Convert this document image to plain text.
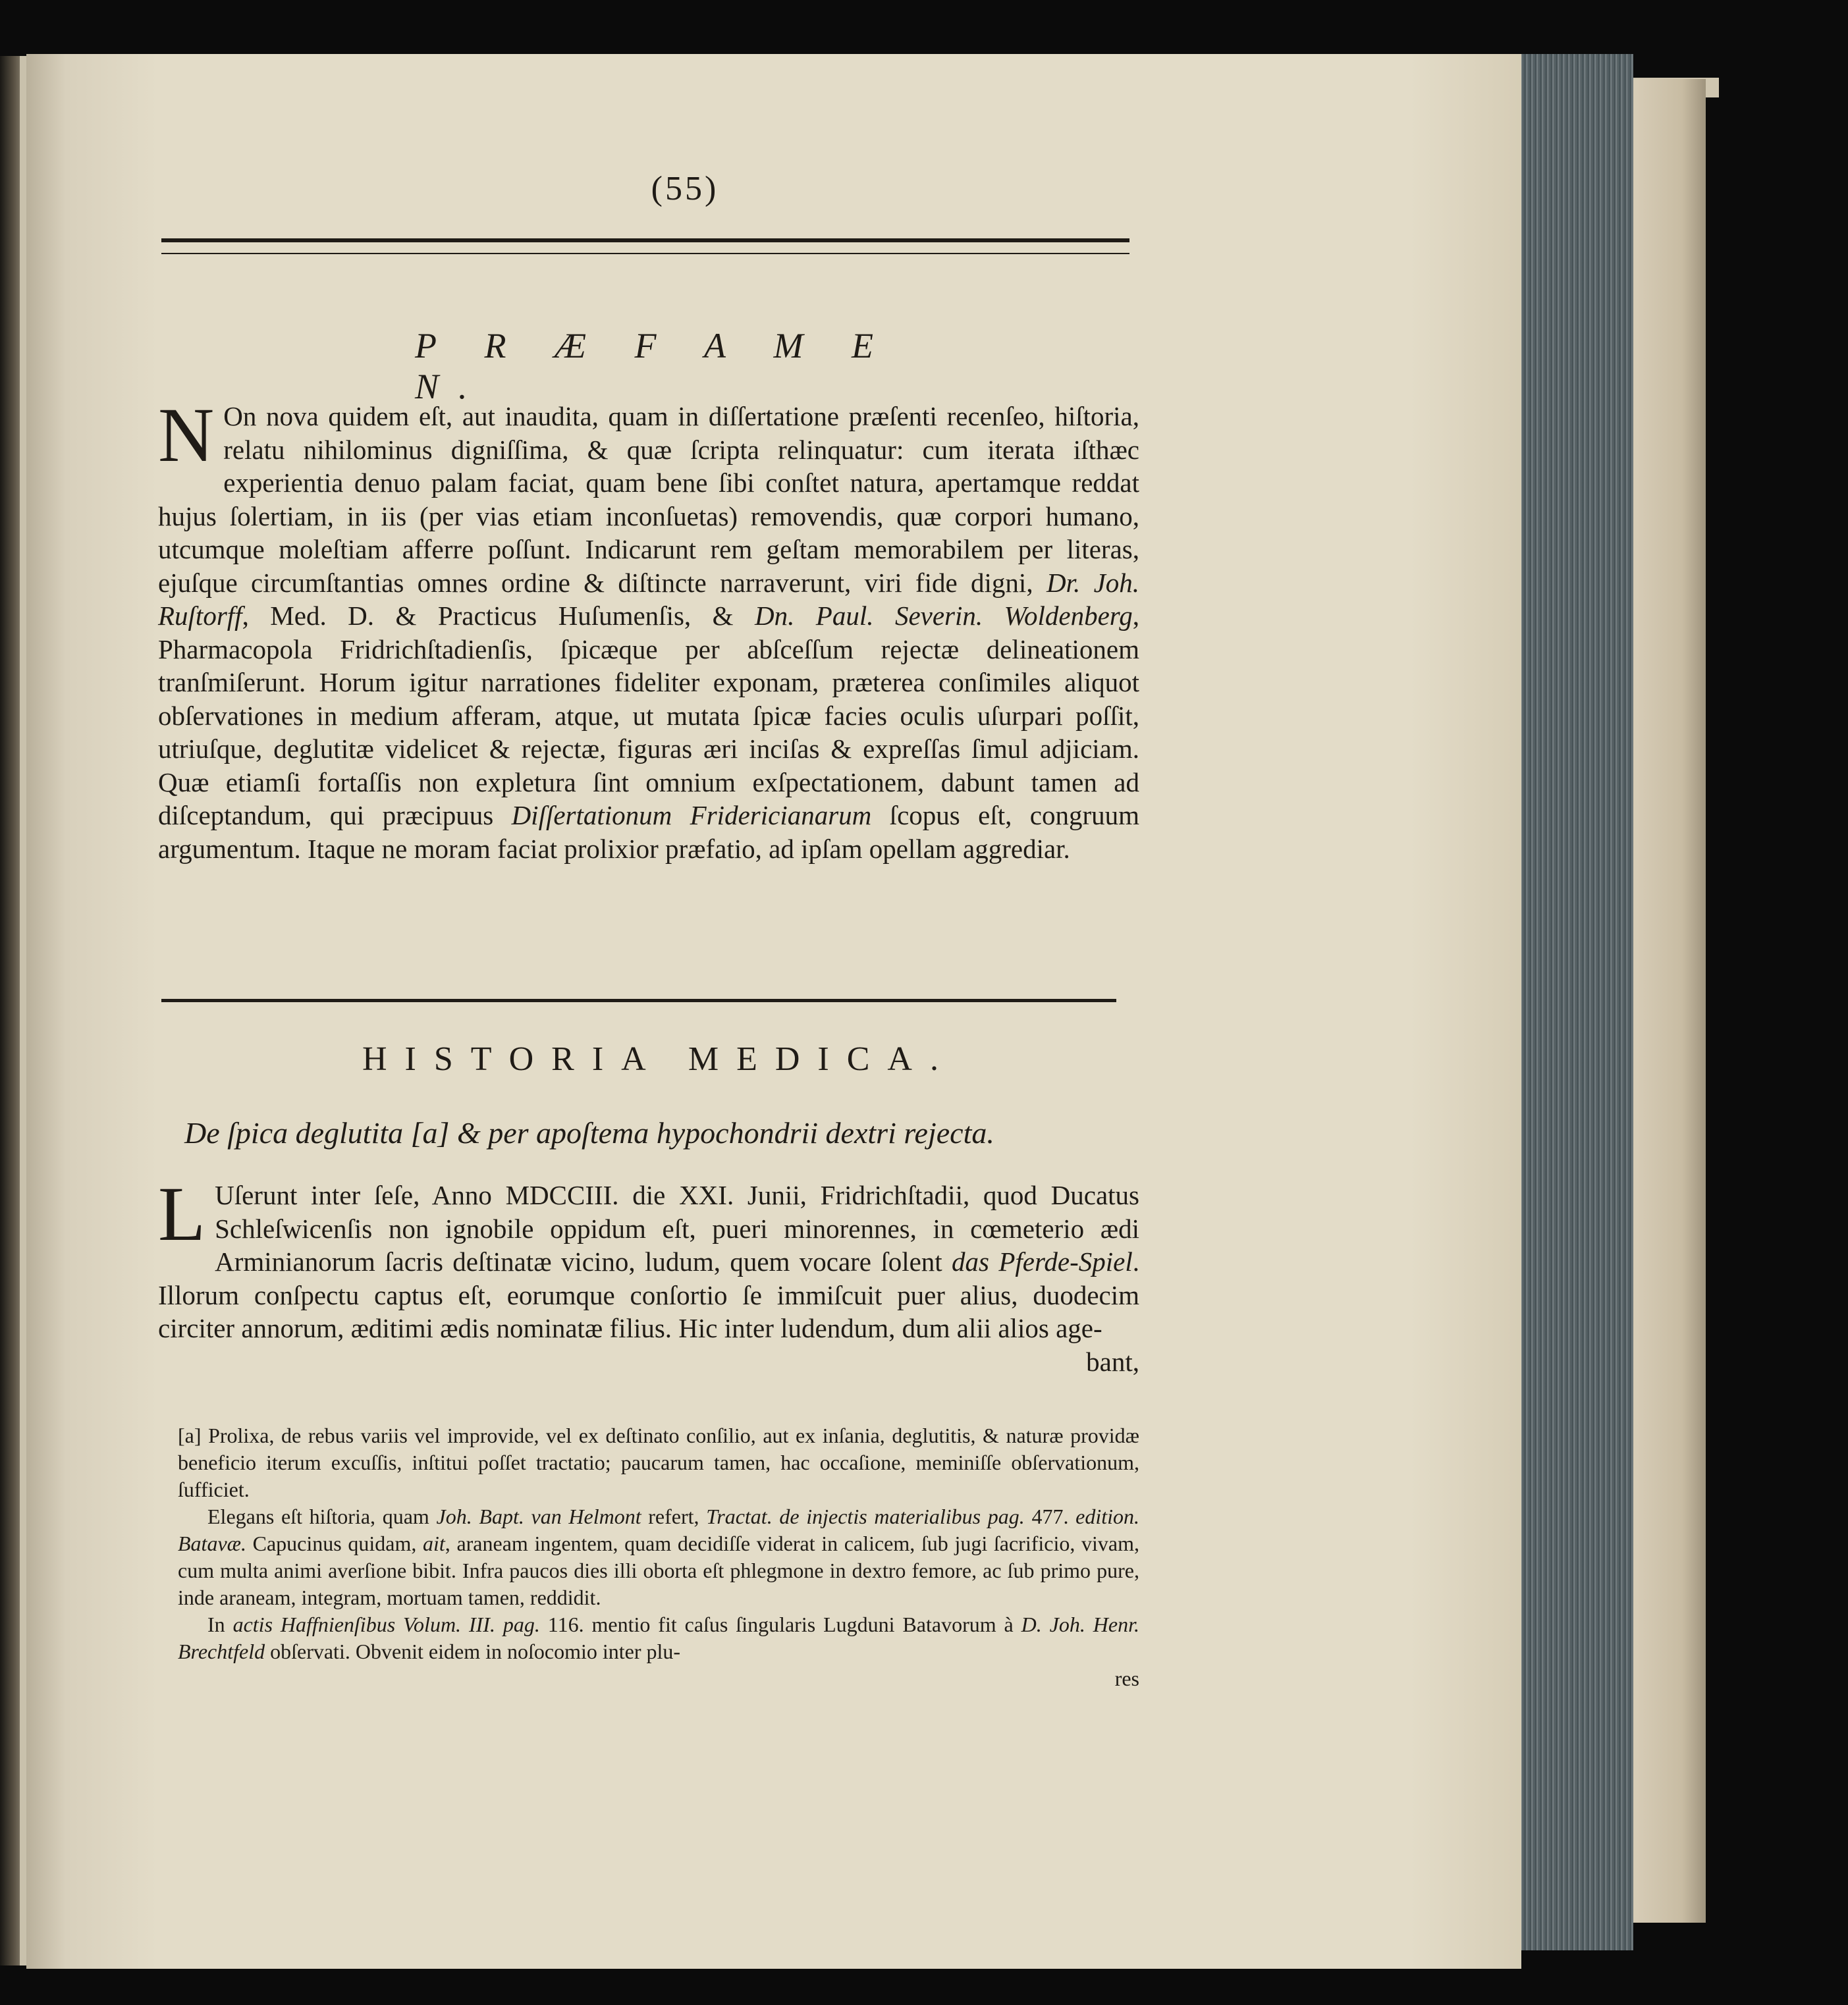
(55)
P R Æ F A M E N.
N On nova quidem eſt, aut inaudita, quam in diſſertatione præſenti recenſeo, hiſtoria, relatu nihilominus digniſſima, & quæ ſcripta relinquatur: cum iterata iſthæc experientia denuo palam faciat, quam bene ſibi conſtet natura, apertamque reddat hujus ſolertiam, in iis (per vias etiam inconſuetas) removendis, quæ corpori humano, utcumque moleſtiam afferre poſſunt. Indicarunt rem geſtam memorabilem per literas, ejuſque circumſtantias omnes ordine & diſtincte narraverunt, viri fide digni, Dr. Joh. Ruſtorff, Med. D. & Practicus Huſumenſis, & Dn. Paul. Severin. Woldenberg, Pharmacopola Fridrichſtadienſis, ſpicæque per abſceſſum rejectæ delineationem tranſmiſerunt. Horum igitur narrationes fideliter exponam, præterea conſimiles aliquot obſervationes in medium afferam, atque, ut mutata ſpicæ facies oculis uſurpari poſſit, utriuſque, deglutitæ videlicet & rejectæ, figuras æri inciſas & expreſſas ſimul adjiciam. Quæ etiamſi fortaſſis non expletura ſint omnium exſpectationem, dabunt tamen ad diſceptandum, qui præcipuus Diſſertationum Fridericianarum ſcopus eſt, congruum argumentum. Itaque ne moram faciat prolixior præfatio, ad ipſam opellam aggrediar.
HISTORIA MEDICA.
De ſpica deglutita [a] & per apoſtema hypochondrii dextri rejecta.
L Uſerunt inter ſeſe, Anno MDCCIII. die XXI. Junii, Fridrichſtadii, quod Ducatus Schleſwicenſis non ignobile oppidum eſt, pueri minorennes, in cœmeterio ædi Arminianorum ſacris deſtinatæ vicino, ludum, quem vocare ſolent das Pferde-Spiel. Illorum conſpectu captus eſt, eorumque conſortio ſe immiſcuit puer alius, duodecim circiter annorum, æditimi ædis nominatæ filius. Hic inter ludendum, dum alii alios age-
bant,

[a] Prolixa, de rebus variis vel improvide, vel ex deſtinato conſilio, aut ex inſania, deglutitis, & naturæ providæ beneficio iterum excuſſis, inſtitui poſſet tractatio; paucarum tamen, hac occaſione, meminiſſe obſervationum, ſufficiet.

Elegans eſt hiſtoria, quam Joh. Bapt. van Helmont refert, Tractat. de injectis materialibus pag. 477. edition. Batavæ. Capucinus quidam, ait, araneam ingentem, quam decidiſſe viderat in calicem, ſub jugi ſacrificio, vivam, cum multa animi averſione bibit. Infra paucos dies illi oborta eſt phlegmone in dextro femore, ac ſub primo pure, inde araneam, integram, mortuam tamen, reddidit.

In actis Haffnienſibus Volum. III. pag. 116. mentio fit caſus ſingularis Lugduni Batavorum à D. Joh. Henr. Brechtfeld obſervati. Obvenit eidem in noſocomio inter plu-

res
